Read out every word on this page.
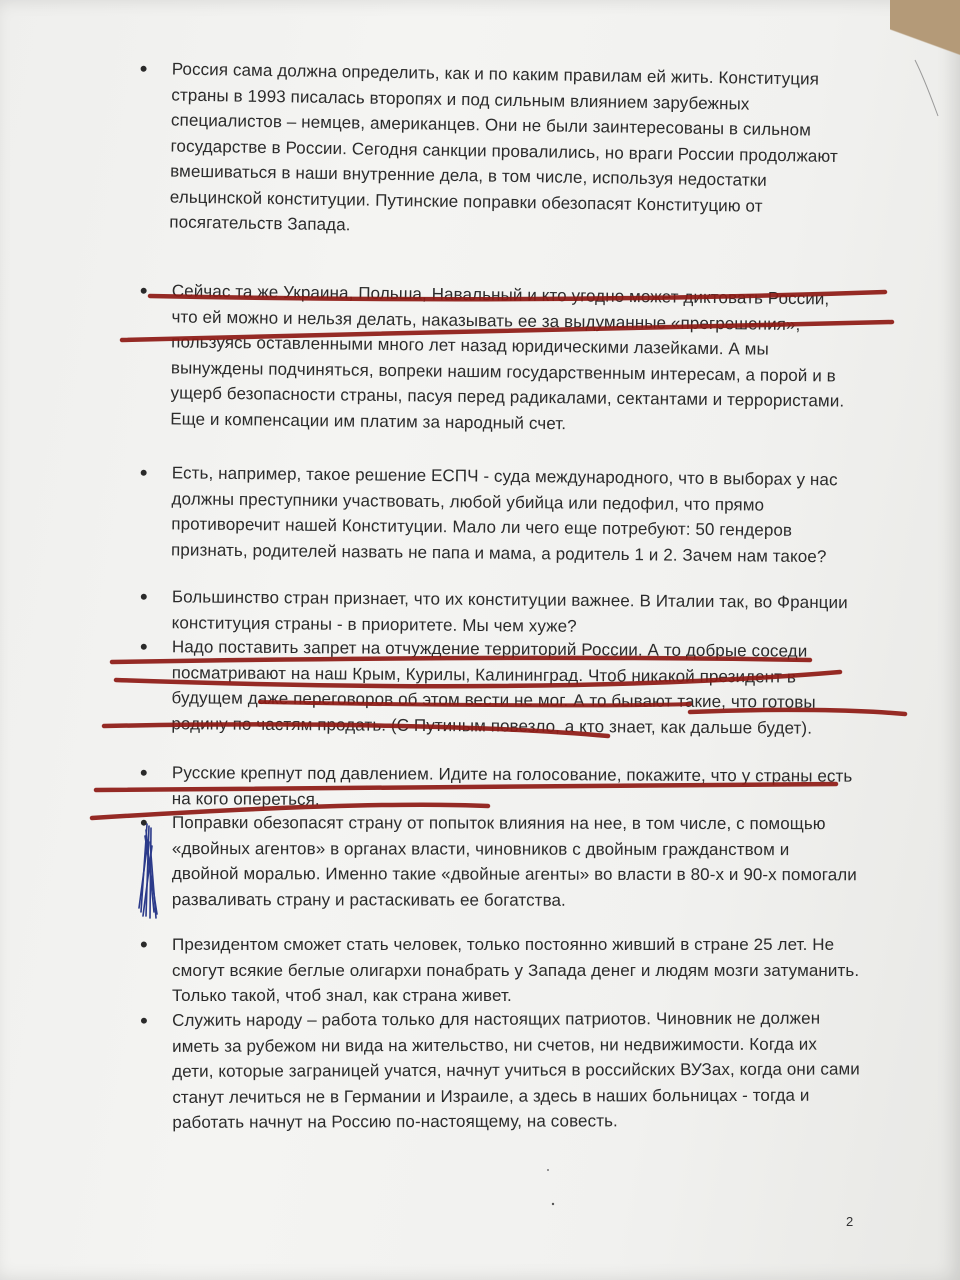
•	Россия сама должна определить, как и по каким правилам ей жить. Конституция страны в 1993 писалась второпях и под сильным влиянием зарубежных специалистов – немцев, американцев. Они не были заинтересованы в сильном государстве в России. Сегодня санкции провалились, но враги России продолжают вмешиваться в наши внутренние дела, в том числе, используя недостатки ельцинской конституции. Путинские поправки обезопасят Конституцию от посягательств Запада.
•	Сейчас та же Украина, Польша, Навальный и кто угодно может диктовать России, что ей можно и нельзя делать, наказывать ее за выдуманные «прегрешения», пользуясь оставленными много лет назад юридическими лазейками. А мы вынуждены подчиняться, вопреки нашим государственным интересам, а порой и в ущерб безопасности страны, пасуя перед радикалами, сектантами и террористами. Еще и компенсации им платим за народный счет.
•	Есть, например, такое решение ЕСПЧ - суда международного, что в выборах у нас должны преступники участвовать, любой убийца или педофил, что прямо противоречит нашей Конституции. Мало ли чего еще потребуют: 50 гендеров признать, родителей назвать не папа и мама, а родитель 1 и 2. Зачем нам такое?
•	Большинство стран признает, что их конституции важнее. В Италии так, во Франции конституция страны - в приоритете. Мы чем хуже?
•	Надо поставить запрет на отчуждение территорий России. А то добрые соседи посматривают на наш Крым, Курилы, Калининград. Чтоб никакой президент в будущем даже переговоров об этом вести не мог. А то бывают такие, что готовы родину по частям продать. (С Путиным повезло, а кто знает, как дальше будет).
•	Русские крепнут под давлением. Идите на голосование, покажите, что у страны есть на кого опереться.
•	Поправки обезопасят страну от попыток влияния на нее, в том числе, с помощью «двойных агентов» в органах власти, чиновников с двойным гражданством и двойной моралью. Именно такие «двойные агенты» во власти в 80-х и 90-х помогали разваливать страну и растаскивать ее богатства.
•	Президентом сможет стать человек, только постоянно живший в стране 25 лет. Не смогут всякие беглые олигархи понабрать у Запада денег и людям мозги затуманить. Только такой, чтоб знал, как страна живет.
•	Служить народу – работа только для настоящих патриотов. Чиновник не должен иметь за рубежом ни вида на жительство, ни счетов, ни недвижимости. Когда их дети, которые заграницей учатся, начнут учиться в российских ВУЗах, когда они сами станут лечиться не в Германии и Израиле, а здесь в наших больницах - тогда и работать начнут на Россию по-настоящему, на совесть.
2
